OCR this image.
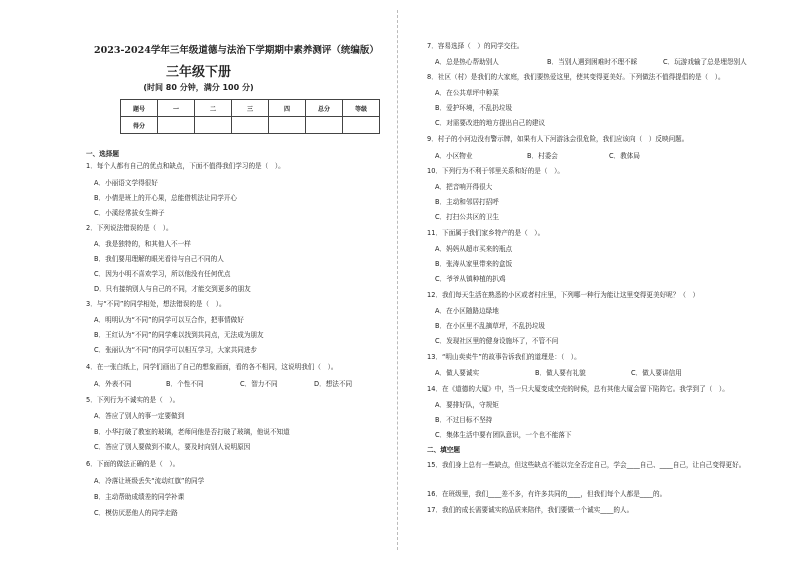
2023-2024学年三年级道德与法治下学期期中素养测评（统编版）
三年级下册
(时间 80 分钟，满分 100 分)
题号	一	二	三	四	总分	等级
得分						
一、选择题
1．每个人都有自己的优点和缺点，下面不值得我们学习的是（　）。
A．小丽语文学得很好
B．小倩是班上的开心果，总能借机法让同学开心
C．小溪经常拔女生辫子
2．下列说法错误的是（　）。
A．我是独特的，和其他人不一样
B．我们要用理解的眼光看待与自己不同的人
C．因为小明不喜欢学习，所以他没有任何优点
D．只有接纳别人与自己的不同，才能交到更多的朋友
3．与“不同”的同学相处，想法错误的是（　）。
A．明明认为“不同”的同学可以互合作，把事情做好
B．王红认为“不同”的同学难以找到共同点，无法成为朋友
C．张丽认为“不同”的同学可以相互学习，大家共同进步
4．在一张白纸上，同学们画出了自己的想象画面，看的各不相同，这说明我们（　）。
A．外表不同	B．个性不同	C．智力不同	D．想法不同
5．下列行为不诚实的是（　）。
A．答应了别人的事一定要做到
B．小华打破了教室的玻璃，老师问他是否打破了玻璃，他说不知道
C．答应了别人要做到不欺人，要及时向别人说明原因
6．下面的做法正确的是（　）。
A．冷落让班级丢失“流动红旗”的同学
B．主动帮助成绩差的同学补课
C．模仿厌恶他人的同学走路
7．容易选择（　）的同学交往。
A．总是热心帮助别人	B．当别人遇到困难时不理不睬	C．玩游戏输了总是埋怨别人
8．社区（村）是我们的大家庭，我们要热爱这里，使其变得更美好。下列做法不值得提倡的是（　）。
A．在公共草坪中种菜
B．爱护环境，不乱扔垃圾
C．对需要改进的地方提出自己的建议
9．村子的小河边没有警示牌，如果有人下河游泳会很危险，我们应该向（　）反映问题。
A．小区物业	B．村委会	C．教体局
10．下列行为不利于邻里关系和好的是（　）。
A．把音响开得很大
B．主动和邻居打招呼
C．打扫公共区的卫生
11．下面属于我们家乡特产的是（　）。
A．妈妈从超市买来的瓶点
B．张涛从家里带来的盒饭
C．爷爷从镇种植的扒鸡
12．我们每天生活在熟悉的小区或者村庄里，下列哪一种行为能让这里变得更美好呢？（　）
A．在小区随路边绿地
B．在小区里不乱摘草坪，不乱扔垃圾
C．发现社区里的健身设施坏了，不管不问
13．“明山卖卖牛”的故事告诉我们的道理是：（　）。
A．做人要诚实	B．做人要有礼貌	C．做人要讲信用
14．在《道德的大厦》中，当一只大厦变成空壳的时候，总有其他大厦会留下陷阵它。我学到了（　）。
A．要排好队，守规矩
B．不过目标不坚持
C．集体生活中要有团队意识，一个也不能落下
二、填空题
15．我们身上总有一些缺点，但这些缺点不能以完全否定自己，学会____自己、____自己，让自己变得更好。
16．在班级里，我们____差不多，有许多共同的____，但我们每个人都是____的。
17．我们的成长需要诚实的品质来陪伴，我们要做一个诚实____的人。
